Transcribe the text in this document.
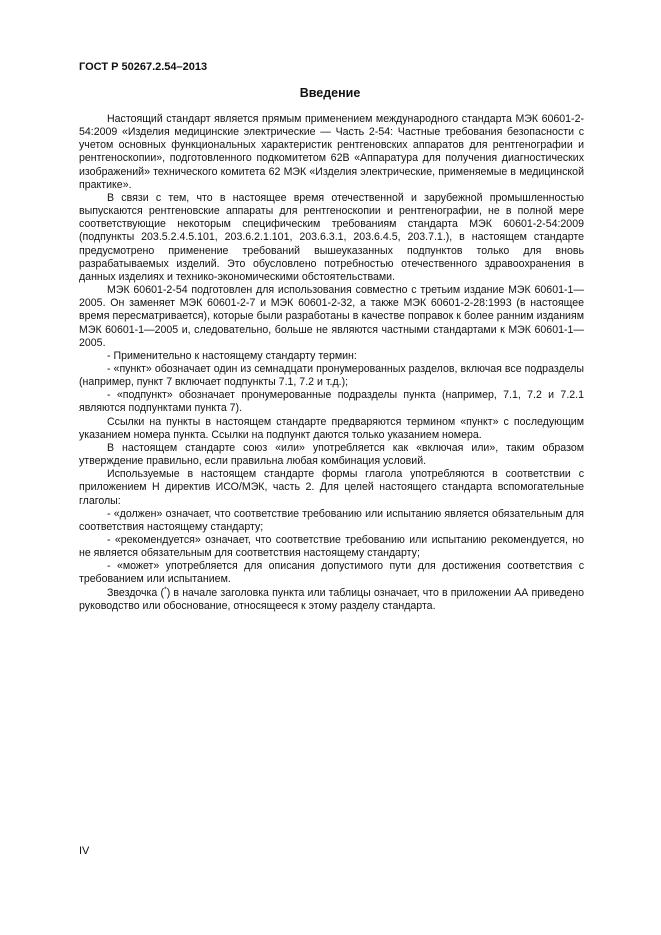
ГОСТ Р 50267.2.54–2013
Введение

Настоящий стандарт является прямым применением международного стандарта МЭК 60601-2-54:2009 «Изделия медицинские электрические — Часть 2-54: Частные требования безопасности с учетом основных функциональных характеристик рентгеновских аппаратов для рентгенографии и рентгеноскопии», подготовленного подкомитетом 62B «Аппаратура для получения диагностических изображений» технического комитета 62 МЭК «Изделия электрические, применяемые в медицинской практике».

В связи с тем, что в настоящее время отечественной и зарубежной промышленностью выпускаются рентгеновские аппараты для рентгеноскопии и рентгенографии, не в полной мере соответствующие некоторым специфическим требованиям стандарта МЭК 60601-2-54:2009 (подпункты 203.5.2.4.5.101, 203.6.2.1.101, 203.6.3.1, 203.6.4.5, 203.7.1.), в настоящем стандарте предусмотрено применение требований вышеуказанных подпунктов только для вновь разрабатываемых изделий. Это обусловлено потребностью отечественного здравоохранения в данных изделиях и технико-экономическими обстоятельствами.

МЭК 60601-2-54 подготовлен для использования совместно с третьим издание МЭК 60601-1—2005. Он заменяет МЭК 60601-2-7 и МЭК 60601-2-32, а также МЭК 60601-2-28:1993 (в настоящее время пересматривается), которые были разработаны в качестве поправок к более ранним изданиям МЭК 60601-1—2005 и, следовательно, больше не являются частными стандартами к МЭК 60601-1—2005.

- Применительно к настоящему стандарту термин:

- «пункт» обозначает один из семнадцати пронумерованных разделов, включая все подразделы (например, пункт 7 включает подпункты 7.1, 7.2 и т.д.);

- «подпункт» обозначает пронумерованные подразделы пункта (например, 7.1, 7.2 и 7.2.1 являются подпунктами пункта 7).

Ссылки на пункты в настоящем стандарте предваряются термином «пункт» с последующим указанием номера пункта. Ссылки на подпункт даются только указанием номера.

В настоящем стандарте союз «или» употребляется как «включая или», таким образом утверждение правильно, если правильна любая комбинация условий.

Используемые в настоящем стандарте формы глагола употребляются в соответствии с приложением Н директив ИСО/МЭК, часть 2. Для целей настоящего стандарта вспомогательные глаголы:

- «должен» означает, что соответствие требованию или испытанию является обязательным для соответствия настоящему стандарту;

- «рекомендуется» означает, что соответствие требованию или испытанию рекомендуется, но не является обязательным для соответствия настоящему стандарту;

- «может» употребляется для описания допустимого пути для достижения соответствия с требованием или испытанием.

Звездочка (*) в начале заголовка пункта или таблицы означает, что в приложении АА приведено руководство или обоснование, относящееся к этому разделу стандарта.

IV
